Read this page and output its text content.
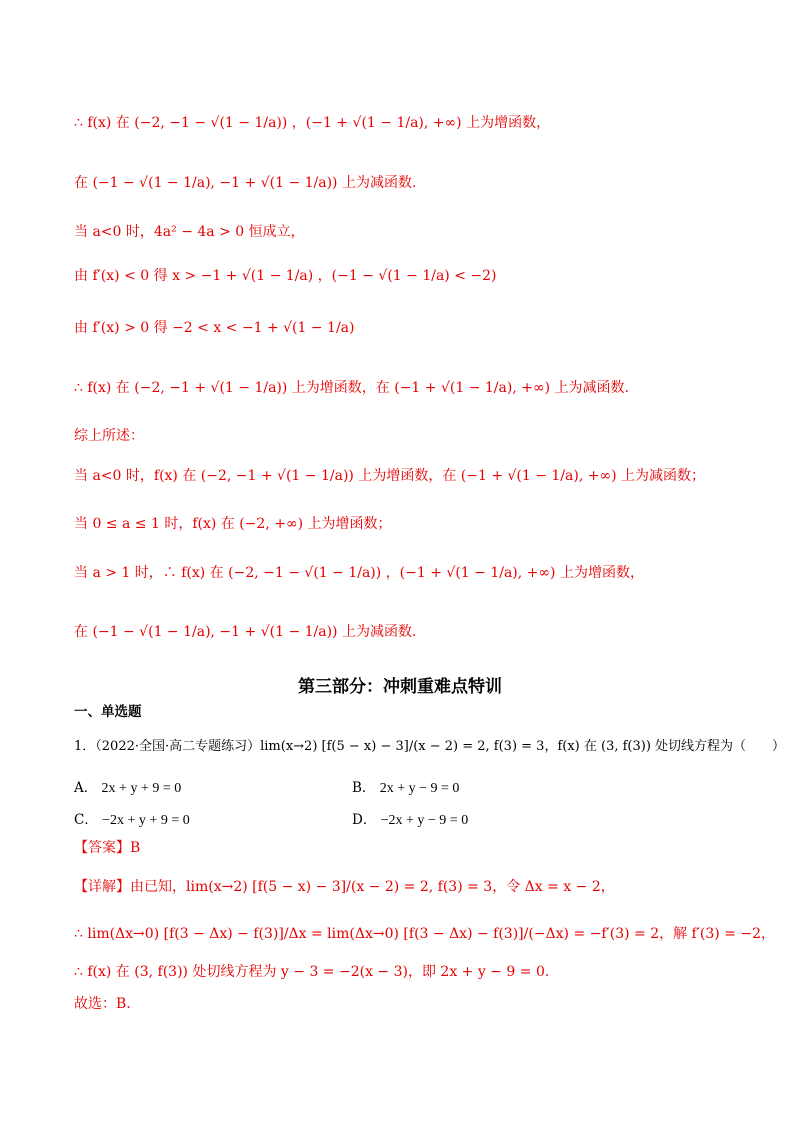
∴ f(x) 在 (−2, −1 − √(1 − 1/a)) ，(−1 + √(1 − 1/a), +∞) 上为增函数，
在 (−1 − √(1 − 1/a), −1 + √(1 − 1/a)) 上为减函数.
当 a<0 时，4a² − 4a > 0 恒成立，
由 f′(x) < 0 得 x > −1 + √(1 − 1/a) ，(−1 − √(1 − 1/a) < −2)
由 f′(x) > 0 得 −2 < x < −1 + √(1 − 1/a)
∴ f(x) 在 (−2, −1 + √(1 − 1/a)) 上为增函数，在 (−1 + √(1 − 1/a), +∞) 上为减函数.
综上所述：
当 a<0 时，f(x) 在 (−2, −1 + √(1 − 1/a)) 上为增函数，在 (−1 + √(1 − 1/a), +∞) 上为减函数；
当 0 ≤ a ≤ 1 时，f(x) 在 (−2, +∞) 上为增函数；
当 a > 1 时，∴ f(x) 在 (−2, −1 − √(1 − 1/a)) ，(−1 + √(1 − 1/a), +∞) 上为增函数，
在 (−1 − √(1 − 1/a), −1 + √(1 − 1/a)) 上为减函数.
第三部分：冲刺重难点特训
一、单选题
1．（2022·全国·高二专题练习）lim(x→2) [f(5 − x) − 3]/(x − 2) = 2, f(3) = 3，f(x) 在 (3, f(3)) 处切线方程为（　　）
A． 2x + y + 9 = 0	B． 2x + y − 9 = 0
C． −2x + y + 9 = 0	D． −2x + y − 9 = 0
【答案】B
【详解】由已知，lim(x→2) [f(5 − x) − 3]/(x − 2) = 2, f(3) = 3，令 Δx = x − 2，
∴ lim(Δx→0) [f(3 − Δx) − f(3)]/Δx = lim(Δx→0) [f(3 − Δx) − f(3)]/(−Δx) = −f′(3) = 2，解 f′(3) = −2，
∴ f(x) 在 (3, f(3)) 处切线方程为 y − 3 = −2(x − 3)，即 2x + y − 9 = 0.
故选：B.
